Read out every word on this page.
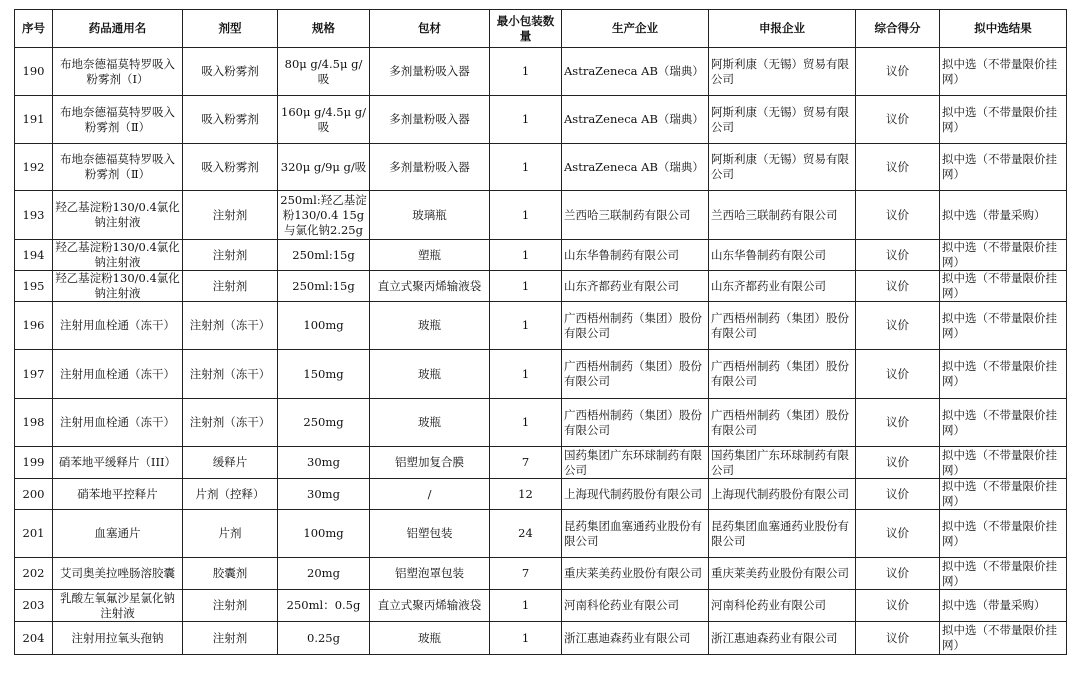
序号	药品通用名	剂型	规格	包材	最小包装数量	生产企业	申报企业	综合得分	拟中选结果
190	布地奈德福莫特罗吸入粉雾剂（Ⅰ）	吸入粉雾剂	80μ g/4.5μ g/吸	多剂量粉吸入器	1	AstraZeneca AB（瑞典）	阿斯利康（无锡）贸易有限公司	议价	拟中选（不带量限价挂网）
191	布地奈德福莫特罗吸入粉雾剂（Ⅱ）	吸入粉雾剂	160μ g/4.5μ g/吸	多剂量粉吸入器	1	AstraZeneca AB（瑞典）	阿斯利康（无锡）贸易有限公司	议价	拟中选（不带量限价挂网）
192	布地奈德福莫特罗吸入粉雾剂（Ⅱ）	吸入粉雾剂	320μ g/9μ g/吸	多剂量粉吸入器	1	AstraZeneca AB（瑞典）	阿斯利康（无锡）贸易有限公司	议价	拟中选（不带量限价挂网）
193	羟乙基淀粉130/0.4氯化钠注射液	注射剂	250ml:羟乙基淀粉130/0.4 15g与氯化钠2.25g	玻璃瓶	1	兰西哈三联制药有限公司	兰西哈三联制药有限公司	议价	拟中选（带量采购）
194	羟乙基淀粉130/0.4氯化钠注射液	注射剂	250ml:15g	塑瓶	1	山东华鲁制药有限公司	山东华鲁制药有限公司	议价	拟中选（不带量限价挂网）
195	羟乙基淀粉130/0.4氯化钠注射液	注射剂	250ml:15g	直立式聚丙烯输液袋	1	山东齐都药业有限公司	山东齐都药业有限公司	议价	拟中选（不带量限价挂网）
196	注射用血栓通（冻干）	注射剂（冻干）	100mg	玻瓶	1	广西梧州制药（集团）股份有限公司	广西梧州制药（集团）股份有限公司	议价	拟中选（不带量限价挂网）
197	注射用血栓通（冻干）	注射剂（冻干）	150mg	玻瓶	1	广西梧州制药（集团）股份有限公司	广西梧州制药（集团）股份有限公司	议价	拟中选（不带量限价挂网）
198	注射用血栓通（冻干）	注射剂（冻干）	250mg	玻瓶	1	广西梧州制药（集团）股份有限公司	广西梧州制药（集团）股份有限公司	议价	拟中选（不带量限价挂网）
199	硝苯地平缓释片（III）	缓释片	30mg	铝塑加复合膜	7	国药集团广东环球制药有限公司	国药集团广东环球制药有限公司	议价	拟中选（不带量限价挂网）
200	硝苯地平控释片	片剂（控释）	30mg	/	12	上海现代制药股份有限公司	上海现代制药股份有限公司	议价	拟中选（不带量限价挂网）
201	血塞通片	片剂	100mg	铝塑包装	24	昆药集团血塞通药业股份有限公司	昆药集团血塞通药业股份有限公司	议价	拟中选（不带量限价挂网）
202	艾司奥美拉唑肠溶胶囊	胶囊剂	20mg	铝塑泡罩包装	7	重庆莱美药业股份有限公司	重庆莱美药业股份有限公司	议价	拟中选（不带量限价挂网）
203	乳酸左氧氟沙星氯化钠注射液	注射剂	250ml：0.5g	直立式聚丙烯输液袋	1	河南科伦药业有限公司	河南科伦药业有限公司	议价	拟中选（带量采购）
204	注射用拉氧头孢钠	注射剂	0.25g	玻瓶	1	浙江惠迪森药业有限公司	浙江惠迪森药业有限公司	议价	拟中选（不带量限价挂网）
